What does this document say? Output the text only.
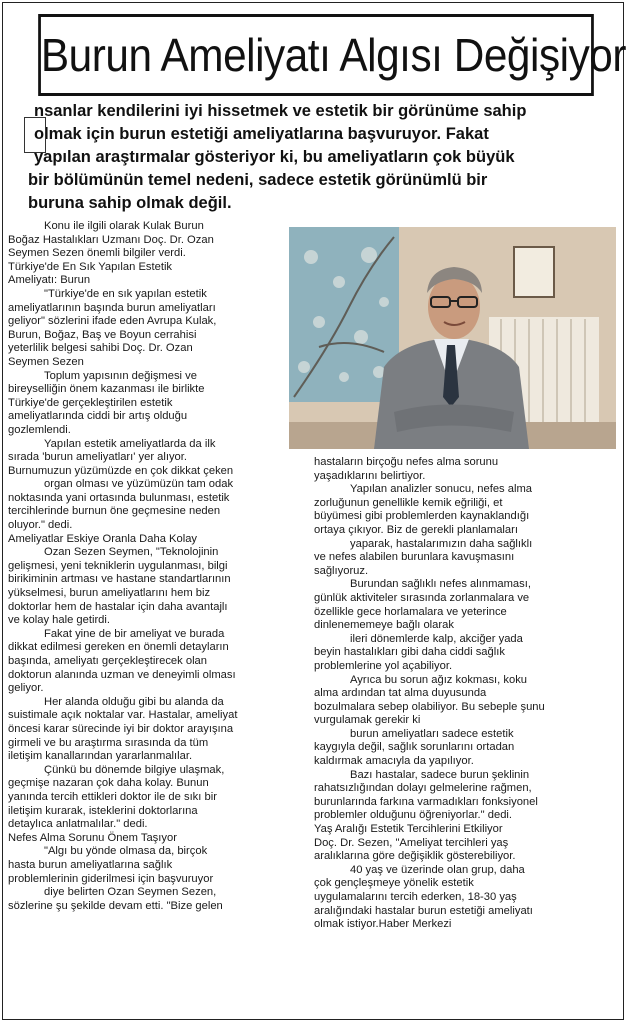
Burun Ameliyatı Algısı Değişiyor

nsanlar kendilerini iyi hissetmek ve estetik bir görünüme sahip

olmak için burun estetiği ameliyatlarına başvuruyor. Fakat

yapılan araştırmalar gösteriyor ki, bu ameliyatların çok büyük

bir bölümünün temel nedeni, sadece estetik görünümlü bir

buruna sahip olmak değil.

Konu ile ilgili olarak Kulak Burun

Boğaz Hastalıkları Uzmanı Doç. Dr. Ozan

Seymen Sezen önemli bilgiler verdi.

Türkiye'de En Sık Yapılan Estetik

Ameliyatı: Burun

"Türkiye'de en sık yapılan estetik

ameliyatlarının başında burun ameliyatları

geliyor" sözlerini ifade eden Avrupa Kulak,

Burun, Boğaz, Baş ve Boyun cerrahisi

yeterlilik belgesi sahibi Doç. Dr. Ozan

Seymen Sezen

Toplum yapısının değişmesi ve

bireyselliğin önem kazanması ile birlikte

Türkiye'de gerçekleştirilen estetik

ameliyatlarında ciddi bir artış olduğu

gozlemlendi.

Yapılan estetik ameliyatlarda da ilk

sırada 'burun ameliyatları' yer alıyor.

Burnumuzun yüzümüzde en çok dikkat çeken

organ olması ve yüzümüzün tam odak

noktasında yani ortasında bulunması, estetik

tercihlerinde burnun öne geçmesine neden

oluyor." dedi.

Ameliyatlar Eskiye Oranla Daha Kolay

Ozan Sezen Seymen, "Teknolojinin

gelişmesi, yeni tekniklerin uygulanması, bilgi

birikiminin artması ve hastane standartlarının

yükselmesi, burun ameliyatlarını hem biz

doktorlar hem de hastalar için daha avantajlı

ve kolay hale getirdi.

Fakat yine de bir ameliyat ve burada

dikkat edilmesi gereken en önemli detayların

başında, ameliyatı gerçekleştirecek olan

doktorun alanında uzman ve deneyimli olması

geliyor.

Her alanda olduğu gibi bu alanda da

suistimale açık noktalar var. Hastalar, ameliyat

öncesi karar sürecinde iyi bir doktor arayışına

girmeli ve bu araştırma sırasında da tüm

iletişim kanallarından yararlanmalılar.

Çünkü bu dönemde bilgiye ulaşmak,

geçmişe nazaran çok daha kolay. Bunun

yanında tercih ettikleri doktor ile de sıkı bir

iletişim kurarak, isteklerini doktorlarına

detaylıca anlatmalılar." dedi.

Nefes Alma Sorunu Önem Taşıyor

"Algı bu yönde olmasa da, birçok

hasta burun ameliyatlarına sağlık

problemlerinin giderilmesi için başvuruyor

diye belirten Ozan Seymen Sezen,

sözlerine şu şekilde devam etti. "Bize gelen

hastaların birçoğu nefes alma sorunu

yaşadıklarını belirtiyor.

Yapılan analizler sonucu, nefes alma

zorluğunun genellikle kemik eğriliği, et

büyümesi gibi problemlerden kaynaklandığı

ortaya çıkıyor. Biz de gerekli planlamaları

yaparak, hastalarımızın daha sağlıklı

ve nefes alabilen burunlara kavuşmasını

sağlıyoruz.

Burundan sağlıklı nefes alınmaması,

günlük aktiviteler sırasında zorlanmalara ve

özellikle gece horlamalara ve yeterince

dinlenememeye bağlı olarak

ileri dönemlerde kalp, akciğer yada

beyin hastalıkları gibi daha ciddi sağlık

problemlerine yol açabiliyor.

Ayrıca bu sorun ağız kokması, koku

alma ardından tat alma duyusunda

bozulmalara sebep olabiliyor. Bu sebeple şunu

vurgulamak gerekir ki

burun ameliyatları sadece estetik

kaygıyla değil, sağlık sorunlarını ortadan

kaldırmak amacıyla da yapılıyor.

Bazı hastalar, sadece burun şeklinin

rahatsızlığından dolayı gelmelerine rağmen,

burunlarında farkına varmadıkları fonksiyonel

problemler olduğunu öğreniyorlar." dedi.

Yaş Aralığı Estetik Tercihlerini Etkiliyor

Doç. Dr. Sezen, "Ameliyat tercihleri yaş

aralıklarına göre değişiklik gösterebiliyor.

40 yaş ve üzerinde olan grup, daha

çok gençleşmeye yönelik estetik

uygulamalarını tercih ederken, 18-30 yaş

aralığındaki hastalar burun estetiği ameliyatı

olmak istiyor.Haber Merkezi
